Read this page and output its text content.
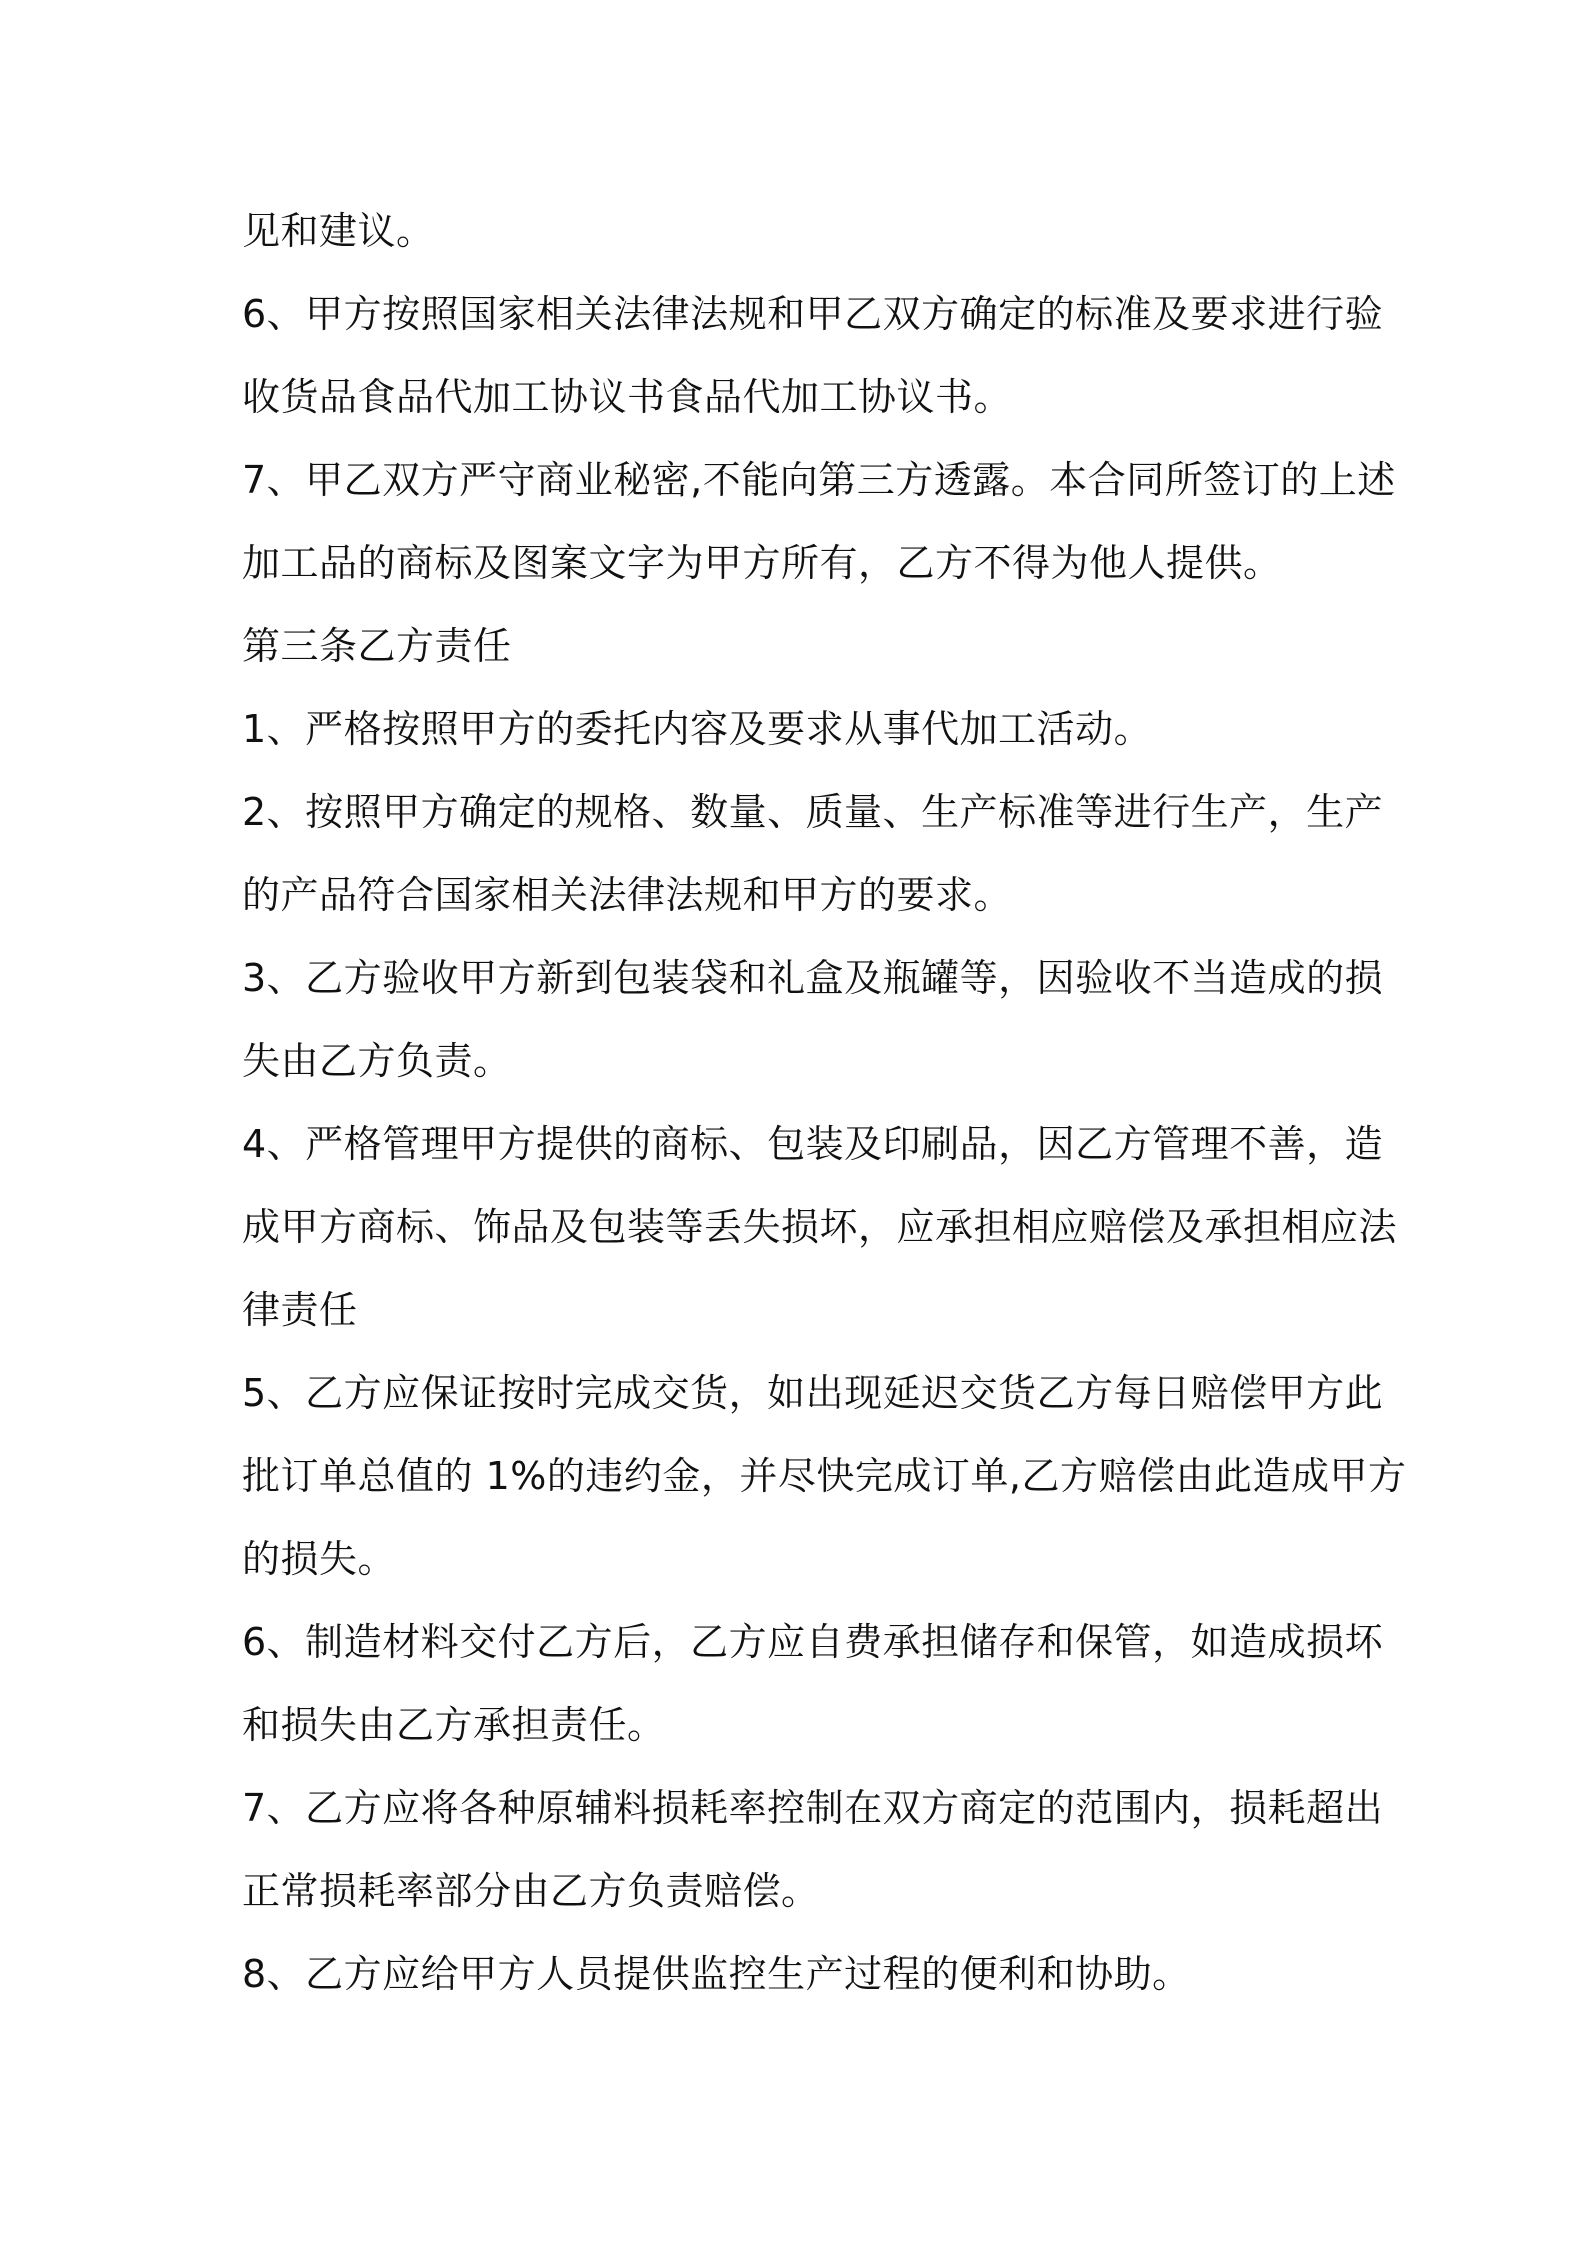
见和建议。
6、甲方按照国家相关法律法规和甲乙双方确定的标准及要求进行验
收货品食品代加工协议书食品代加工协议书。
7、甲乙双方严守商业秘密,不能向第三方透露。本合同所签订的上述
加工品的商标及图案文字为甲方所有，乙方不得为他人提供。
第三条乙方责任
1、严格按照甲方的委托内容及要求从事代加工活动。
2、按照甲方确定的规格、数量、质量、生产标准等进行生产，生产
的产品符合国家相关法律法规和甲方的要求。
3、乙方验收甲方新到包装袋和礼盒及瓶罐等，因验收不当造成的损
失由乙方负责。
4、严格管理甲方提供的商标、包装及印刷品，因乙方管理不善，造
成甲方商标、饰品及包装等丢失损坏，应承担相应赔偿及承担相应法
律责任
5、乙方应保证按时完成交货，如出现延迟交货乙方每日赔偿甲方此
批订单总值的 1%的违约金，并尽快完成订单,乙方赔偿由此造成甲方
的损失。
6、制造材料交付乙方后，乙方应自费承担储存和保管，如造成损坏
和损失由乙方承担责任。
7、乙方应将各种原辅料损耗率控制在双方商定的范围内，损耗超出
正常损耗率部分由乙方负责赔偿。
8、乙方应给甲方人员提供监控生产过程的便利和协助。
